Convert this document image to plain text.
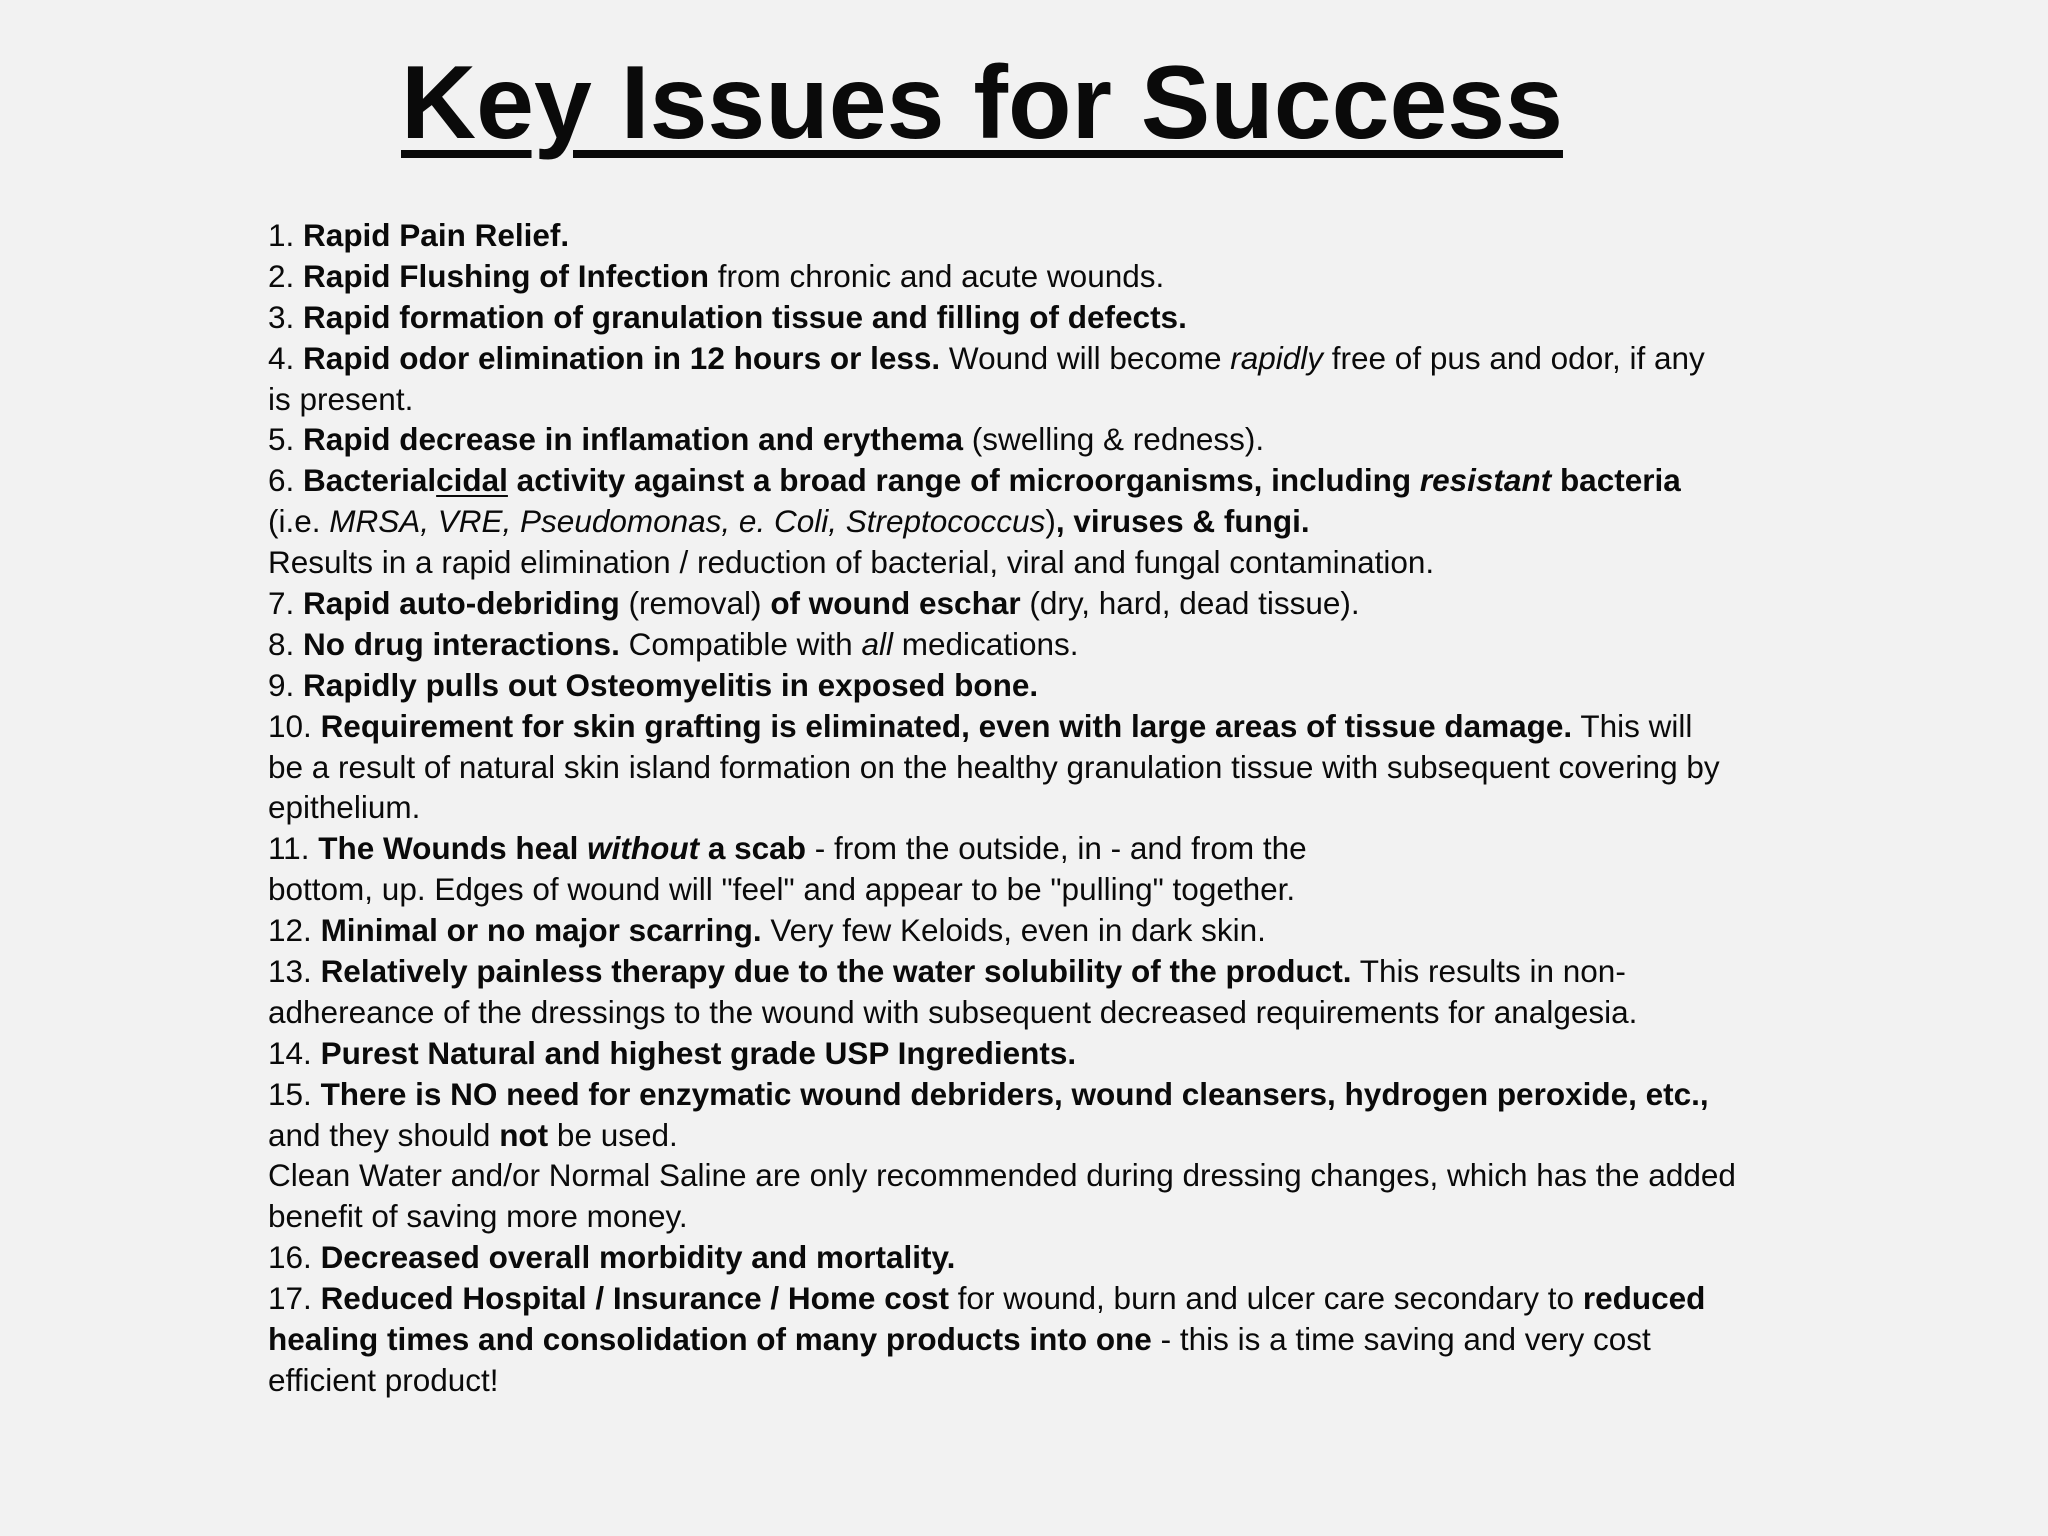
Key Issues for Success
1. Rapid Pain Relief.
2. Rapid Flushing of Infection from chronic and acute wounds.
3. Rapid formation of granulation tissue and filling of defects.
4. Rapid odor elimination in 12 hours or less. Wound will become rapidly free of pus and odor, if any
is present.
5. Rapid decrease in inflamation and erythema (swelling & redness).
6. Bacterialcidal activity against a broad range of microorganisms, including resistant bacteria
(i.e. MRSA, VRE, Pseudomonas, e. Coli, Streptococcus), viruses & fungi.
Results in a rapid elimination / reduction of bacterial, viral and fungal contamination.
7. Rapid auto-debriding (removal) of wound eschar (dry, hard, dead tissue).
8. No drug interactions. Compatible with all medications.
9. Rapidly pulls out Osteomyelitis in exposed bone.
10. Requirement for skin grafting is eliminated, even with large areas of tissue damage. This will
be a result of natural skin island formation on the healthy granulation tissue with subsequent covering by
epithelium.
11. The Wounds heal without a scab - from the outside, in - and from the
bottom, up. Edges of wound will "feel" and appear to be "pulling" together.
12. Minimal or no major scarring. Very few Keloids, even in dark skin.
13. Relatively painless therapy due to the water solubility of the product. This results in non-
adhereance of the dressings to the wound with subsequent decreased requirements for analgesia.
14. Purest Natural and highest grade USP Ingredients.
15. There is NO need for enzymatic wound debriders, wound cleansers, hydrogen peroxide, etc.,
and they should not be used.
Clean Water and/or Normal Saline are only recommended during dressing changes, which has the added
benefit of saving more money.
16. Decreased overall morbidity and mortality.
17. Reduced Hospital / Insurance / Home cost for wound, burn and ulcer care secondary to reduced
healing times and consolidation of many products into one - this is a time saving and very cost
efficient product!
